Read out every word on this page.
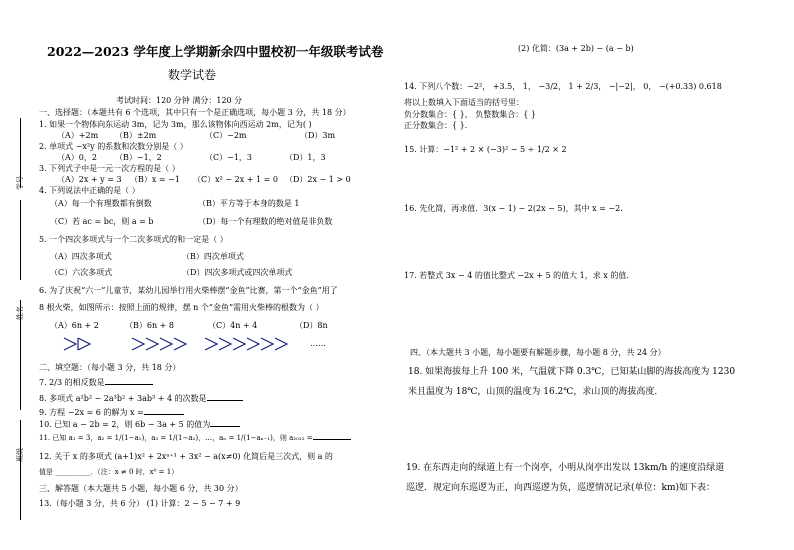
学号
姓名
班级
2022—2023 学年度上学期新余四中盟校初一年级联考试卷
数学试卷
考试时间：120 分钟 满分：120 分
一、选择题：（本题共有 6 个选项，其中只有一个是正确选项，每小题 3 分，共 18 分）
1. 如果一个物体向东运动 3m，记为 3m，那么该物体向西运动 2m，记为( )
（A）+2m （B）±2m	（C）−2m	（D）3m
2. 单项式 −x²y 的系数和次数分别是（ ）
（A）0，2 （B）−1，2	（C）−1，3	（D）1，3
3. 下列式子中是一元一次方程的是（ ）
（A）2x + y = 3 （B）x = −1 （C）x² − 2x + 1 = 0 （D）2x − 1 > 0
4. 下列说法中正确的是（ ）
（A）每一个有理数都有倒数	（B）平方等于本身的数是 1
（C）若 ac = bc，则 a = b	（D）每一个有理数的绝对值是非负数
5. 一个四次多项式与一个二次多项式的和一定是（ ）
（A）四次多项式	（B）四次单项式
（C）六次多项式	（D）四次多项式或四次单项式
6. 为了庆祝“六一”儿童节，某幼儿园举行用火柴棒摆“金鱼”比赛，第一个“金鱼”用了
8 根火柴，如图所示：按照上面的规律，摆 n 个“金鱼”需用火柴棒的根数为（ ）
（A）6n + 2	（B）6n + 8	（C）4n + 4	（D）8n
……
二、填空题：（每小题 3 分，共 18 分）
7. 2/3 的相反数是
8. 多项式 a²b² − 2a³b² + 3ab³ + 4 的次数是
9. 方程 −2x = 6 的解为 x =
10. 已知 a − 2b = 2，则 6b − 3a + 5 的值为
11. 已知 a₁ = 3，a₂ = 1/(1−a₁)，a₃ = 1/(1−a₂)，…，aₙ = 1/(1−aₙ₋₁)，则 a₂₀₂₂ =
12. 关于 x 的多项式 (a+1)x² + 2xᵃ⁺¹ + 3x² − a(x≠0) 化简后是三次式，则 a 的
值是 __________．（注：x ≠ 0 时，x⁰ = 1）
三、解答题（本大题共 5 小题，每小题 6 分，共 30 分）
13.（每小题 3 分，共 6 分） (1) 计算：2 − 5 − 7 + 9
(2) 化简：(3a + 2b) − (a − b)
14. 下列八个数：−2²， +3.5， 1， −3/2， 1 + 2/3， −|−2|， 0， −(+0.33) 0.618
将以上数填入下面适当的括号里：
负分数集合：{ }， 负整数集合：{ }
正分数集合：{ }．
15. 计算：−1² + 2 × (−3)² − 5 ÷ 1/2 × 2
16. 先化简，再求值．3(x − 1) − 2(2x − 5)，其中 x = −2．
17. 若整式 3x − 4 的值比整式 −2x + 5 的值大 1，求 x 的值．
四、（本大题共 3 小题，每小题要有解题步骤，每小题 8 分，共 24 分）
18. 如果海拔每上升 100 米，气温就下降 0.3℃，已知某山脚的海拔高度为 1230
米且温度为 18℃，山顶的温度为 16.2℃，求山顶的海拔高度．
19. 在东西走向的绿道上有一个岗亭，小明从岗亭出发以 13km/h 的速度沿绿道
巡逻．规定向东巡逻为正，向西巡逻为负，巡逻情况记录(单位：km)如下表：
